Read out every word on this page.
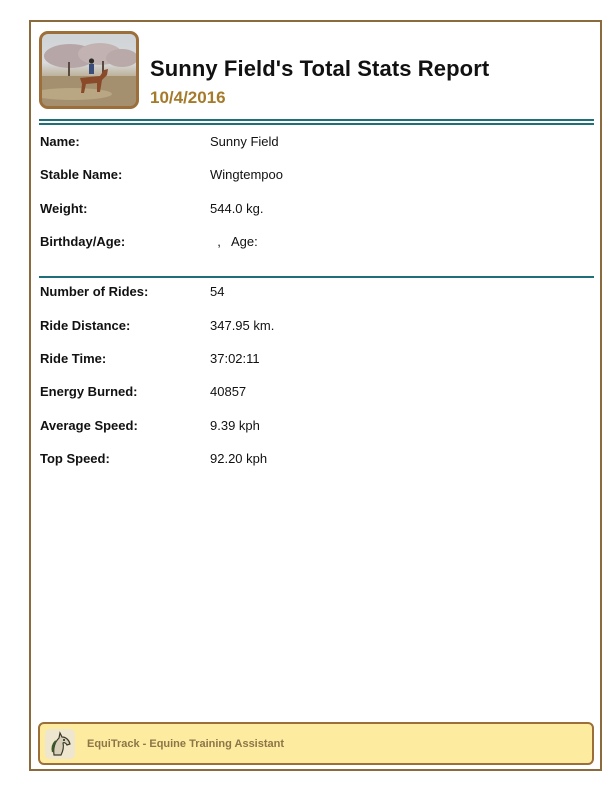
Sunny Field's Total Stats Report
10/4/2016
Name:	Sunny Field
Stable Name:	Wingtempoo
Weight:	544.0 kg.
Birthday/Age:	,   Age:
Number of Rides:	54
Ride Distance:	347.95 km.
Ride Time:	37:02:11
Energy Burned:	40857
Average Speed:	9.39 kph
Top Speed:	92.20 kph
EquiTrack - Equine Training Assistant
